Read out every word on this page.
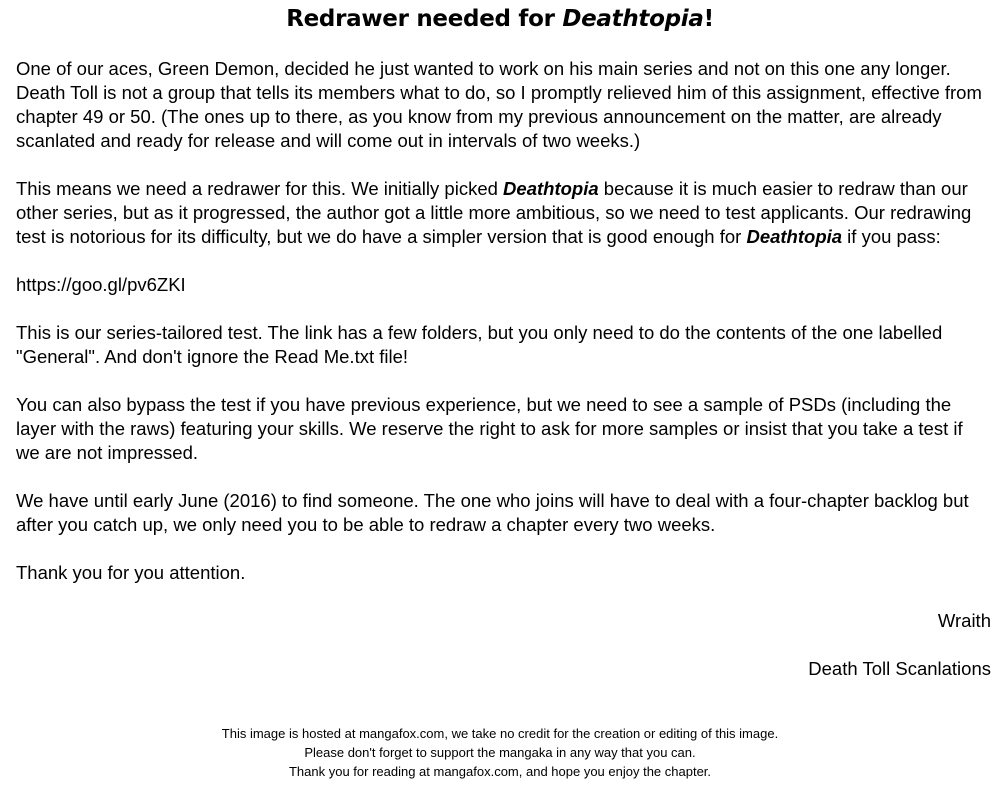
Redrawer needed for Deathtopia!

One of our aces, Green Demon, decided he just wanted to work on his main series and not on this one any longer. Death Toll is not a group that tells its members what to do, so I promptly relieved him of this assignment, effective from chapter 49 or 50. (The ones up to there, as you know from my previous announcement on the matter, are already scanlated and ready for release and will come out in intervals of two weeks.)

This means we need a redrawer for this. We initially picked Deathtopia because it is much easier to redraw than our other series, but as it progressed, the author got a little more ambitious, so we need to test applicants. Our redrawing test is notorious for its difficulty, but we do have a simpler version that is good enough for Deathtopia if you pass:

https://goo.gl/pv6ZKI

This is our series-tailored test. The link has a few folders, but you only need to do the contents of the one labelled "General". And don't ignore the Read Me.txt file!

You can also bypass the test if you have previous experience, but we need to see a sample of PSDs (including the layer with the raws) featuring your skills. We reserve the right to ask for more samples or insist that you take a test if we are not impressed.

We have until early June (2016) to find someone. The one who joins will have to deal with a four-chapter backlog but after you catch up, we only need you to be able to redraw a chapter every two weeks.

Thank you for you attention.

Wraith

Death Toll Scanlations

This image is hosted at mangafox.com, we take no credit for the creation or editing of this image.
Please don't forget to support the mangaka in any way that you can.
Thank you for reading at mangafox.com, and hope you enjoy the chapter.
